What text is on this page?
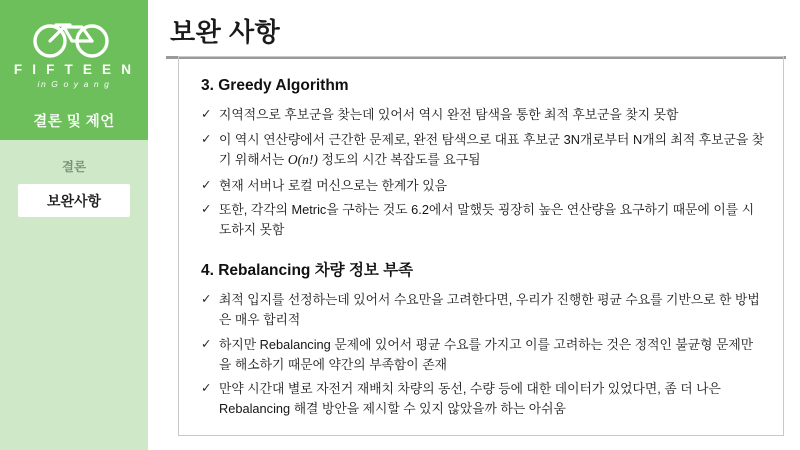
F I F T E E N
in G o y a n g
결론 및 제언
결론
보완사항
보완 사항
3. Greedy Algorithm
✓ 지역적으로 후보군을 찾는데 있어서 역시 완전 탐색을 통한 최적 후보군을 찾지 못함
✓ 이 역시 연산량에서 근간한 문제로, 완전 탐색으로 대표 후보군 3N개로부터 N개의 최적 후보군을 찾기 위해서는 O(n!) 정도의 시간 복잡도를 요구됨
✓ 현재 서버나 로컬 머신으로는 한계가 있음
✓ 또한, 각각의 Metric을 구하는 것도 6.2에서 말했듯 굉장히 높은 연산량을 요구하기 때문에 이를 시도하지 못함
4. Rebalancing 차량 정보 부족
✓ 최적 입지를 선정하는데 있어서 수요만을 고려한다면, 우리가 진행한 평균 수요를 기반으로 한 방법은 매우 합리적
✓ 하지만 Rebalancing 문제에 있어서 평균 수요를 가지고 이를 고려하는 것은 정적인 불균형 문제만을 해소하기 때문에 약간의 부족함이 존재
✓ 만약 시간대 별로 자전거 재배치 차량의 동선, 수량 등에 대한 데이터가 있었다면, 좀 더 나은 Rebalancing 해결 방안을 제시할 수 있지 않았을까 하는 아쉬움
